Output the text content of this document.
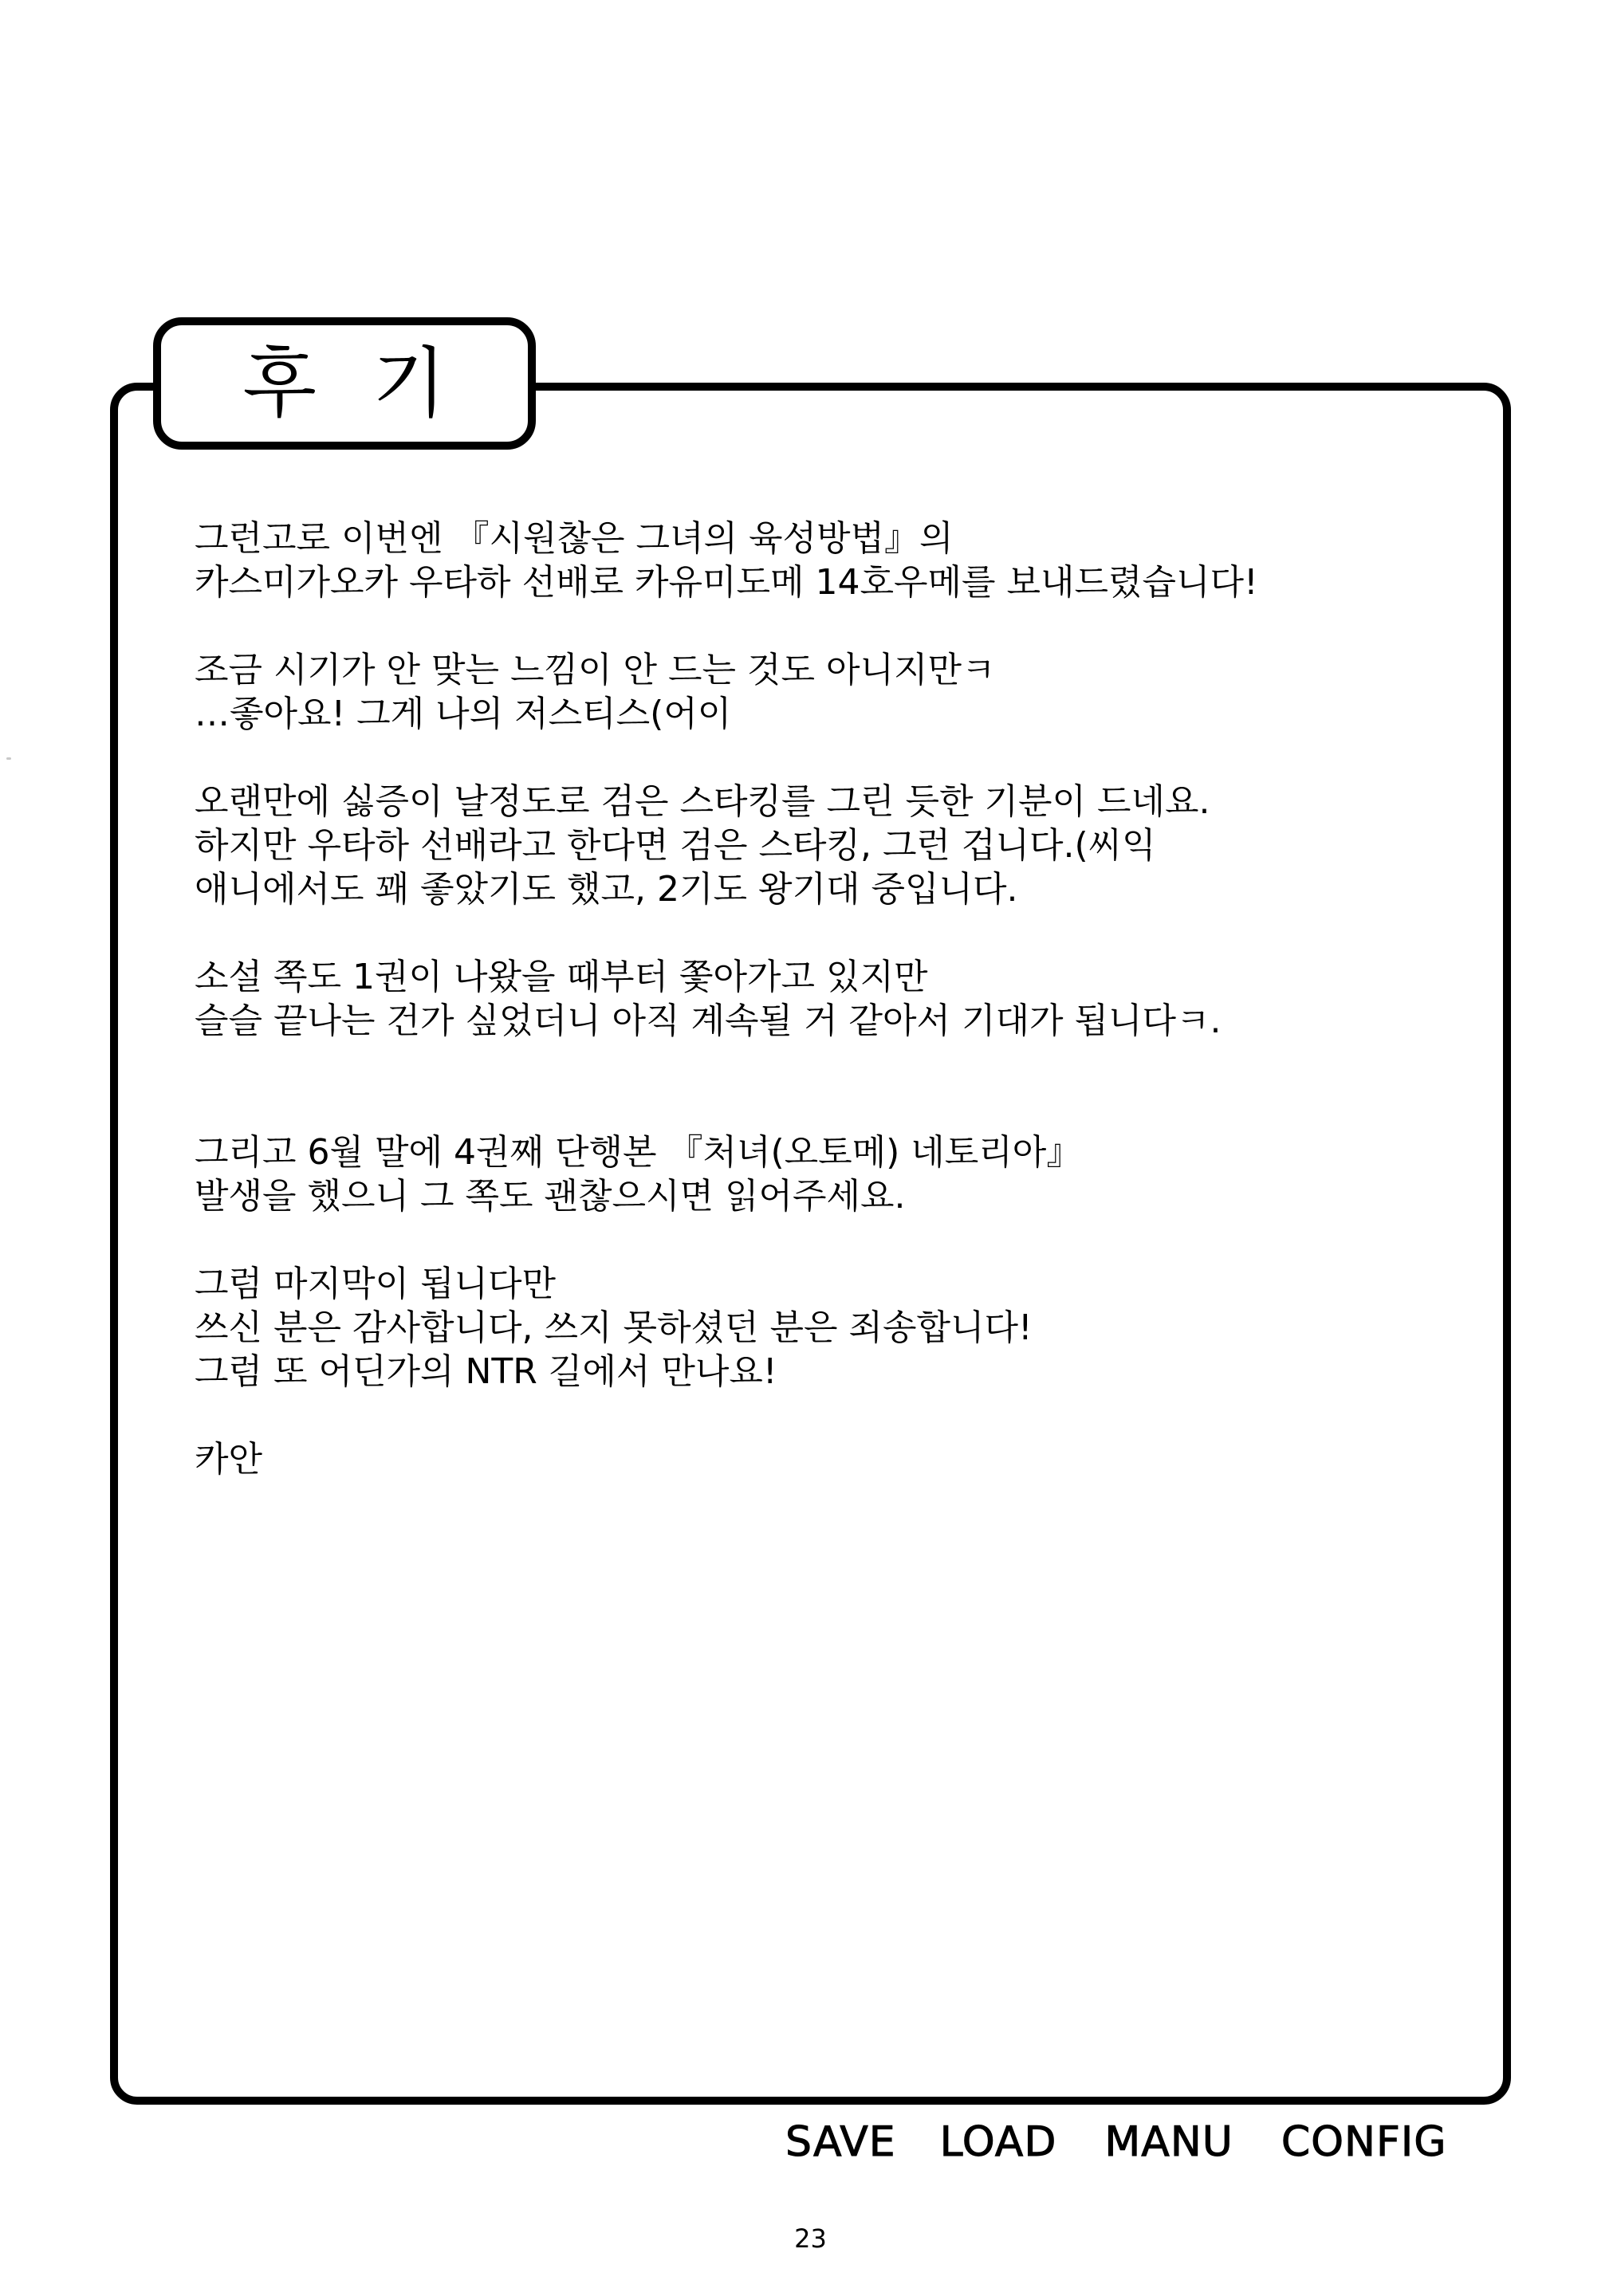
후기
그런고로 이번엔 『시원찮은 그녀의 육성방법』의
카스미가오카 우타하 선배로 카유미도메 14호우메를 보내드렸습니다!
조금 시기가 안 맞는 느낌이 안 드는 것도 아니지만ㅋ
…좋아요! 그게 나의 저스티스(어이
오랜만에 싫증이 날정도로 검은 스타킹를 그린 듯한 기분이 드네요.
하지만 우타하 선배라고 한다면 검은 스타킹, 그런 겁니다.(씨익
애니에서도 꽤 좋았기도 했고, 2기도 왕기대 중입니다.
소설 쪽도 1권이 나왔을 때부터 쫓아가고 있지만
슬슬 끝나는 건가 싶었더니 아직 계속될 거 같아서 기대가 됩니다ㅋ.
그리고 6월 말에 4권째 단행본 『처녀(오토메) 네토리아』
발생을 했으니 그 쪽도 괜찮으시면 읽어주세요.
그럼 마지막이 됩니다만
쓰신 분은 감사합니다, 쓰지 못하셨던 분은 죄송합니다!
그럼 또 어딘가의 NTR 길에서 만나요!
카안
SAVE LOAD MANU CONFIG
23
